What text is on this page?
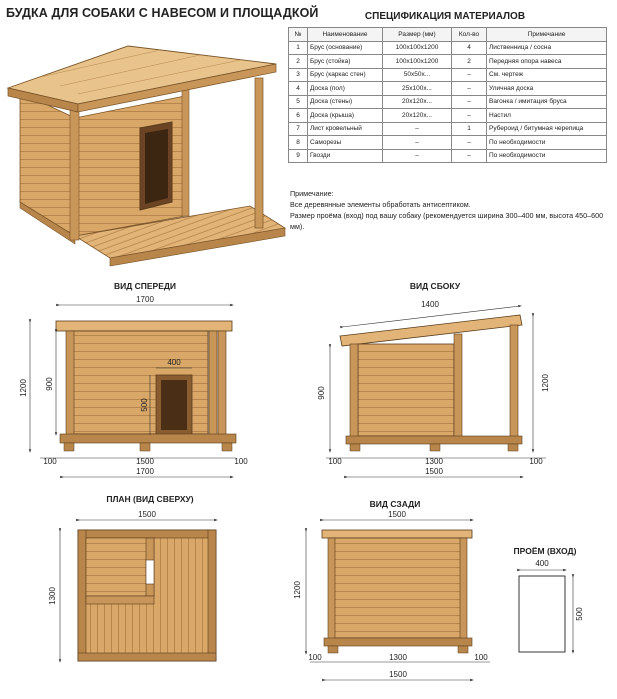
БУДКА ДЛЯ СОБАКИ С НАВЕСОМ И ПЛОЩАДКОЙ	СПЕЦИФИКАЦИЯ МАТЕРИАЛОВ
№	Наименование	Размер (мм)	Кол-во	Примечание
1	Брус (основание)	100х100х1200	4	Лиственница / сосна
2	Брус (стойка)	100х100х1200	2	Передняя опора навеса
3	Брус (каркас стен)	50х50х...	–	См. чертеж
4	Доска (пол)	25х100х...	–	Уличная доска
5	Доска (стены)	20х120х...	–	Вагонка / имитация бруса
6	Доска (крыша)	20х120х...	–	Настил
7	Лист кровельный	–	1	Рубероид / битумная черепица
8	Саморезы	–	–	По необходимости
9	Гвозди	–	–	По необходимости
Примечание:
Все деревянные элементы обработать антисептиком.
Размер проёма (вход) под вашу собаку (рекомендуется ширина 300–400 мм, высота 450–600 мм).
ВИД СПЕРЕДИ	ВИД СБОКУ
ПЛАН (ВИД СВЕРХУ)	ВИД СЗАДИ
ПРОЁМ (ВХОД)
1700
1200 900
400
500
100	1500	100
1700
1400
900
1200
100	1300	100
1500
1500
1300
1500
1200
100	1300	100
1500
400
500
